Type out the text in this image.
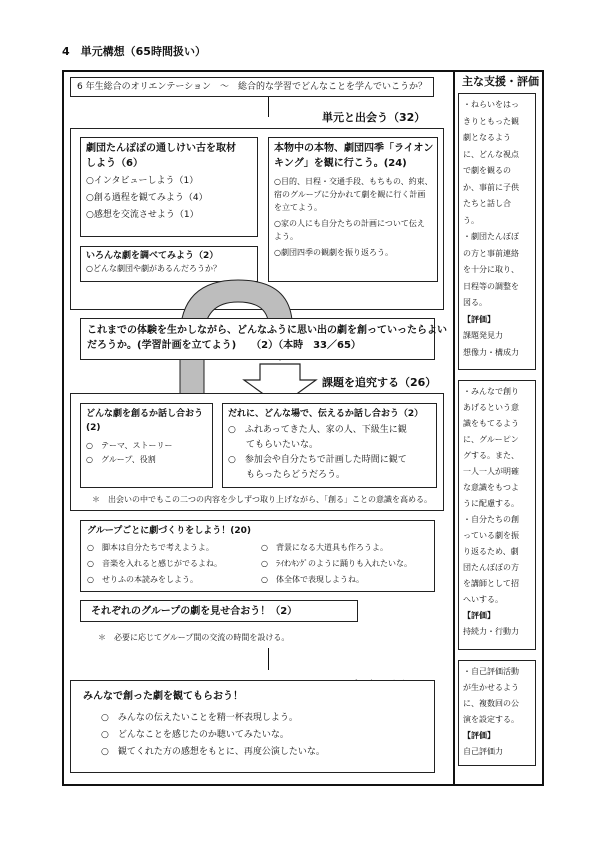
4　単元構想（65時間扱い）
主な支援・評価
6 年生総合のオリエンテーション　～　総合的な学習でどんなことを学んでいこうか？
単元と出会う（32）
劇団たんぽぽの通しけい古を取材
しよう（6）
○インタビューしよう（1）
○創る過程を観てみよう（4）
○感想を交流させよう（1）
本物中の本物、劇団四季「ライオン
キング」を観に行こう。(24)
○目的、日程・交通手段、もちもの、約束、
宿のグループに分かれて劇を観に行く計画
を立てよう。
○家の人にも自分たちの計画について伝え
よう。
○劇団四季の観劇を振り返ろう。
いろんな劇を調べてみよう（2）
○どんな劇団や劇があるんだろうか？
これまでの体験を生かしながら、どんなふうに思い出の劇を創っていったらよい
だろうか。(学習計画を立てよう)　　（2）（本時　33／65）
課題を追究する（26）
どんな劇を創るか話し合おう
(2)
○　テーマ、ストーリー
○　グループ、役割
だれに、どんな場で、伝えるか話し合おう（2）
○　ふれあってきた人、家の人、下級生に観
　　てもらいたいな。
○　参加会や自分たちで計画した時間に観て
　　もらったらどうだろう。
＊　出会いの中でもこの二つの内容を少しずつ取り上げながら、「創る」ことの意識を高める。
グループごとに劇づくりをしよう！(20)
○　脚本は自分たちで考えようよ。
○　音楽を入れると感じがでるよね。
○　せりふの本読みをしよう。
○　背景になる大道具も作ろうよ。
○　ﾗｲｵﾝｷﾝｸﾞのように踊りも入れたいな。
○　体全体で表現しようね。
それぞれのグループの劇を見せ合おう！（2）
＊　必要に応じてグループ間の交流の時間を設ける。
みんなで創った劇を観てもらおう！
○　みんなの伝えたいことを精一杯表現しよう。
○　どんなことを感じたのか聴いてみたいな。
○　観てくれた方の感想をもとに、再度公演したいな。
・ねらいをはっ
きりともった観
劇となるよう
に、どんな視点
で劇を観るの
か、事前に子供
たちと話し合
う。
・劇団たんぽぽ
の方と事前連絡
を十分に取り、
日程等の調整を
図る。
【評価】
課題発見力
想像力・構成力
・みんなで創り
あげるという意
識をもてるよう
に、グルーピン
グする。また、
一人一人が明確
な意識をもつよ
うに配慮する。
・自分たちの創
っている劇を振
り返るため、劇
団たんぽぽの方
を講師として招
へいする。
【評価】
持続力・行動力
・自己評価活動
が生かせるよう
に、複数回の公
演を設定する。
【評価】
自己評価力
